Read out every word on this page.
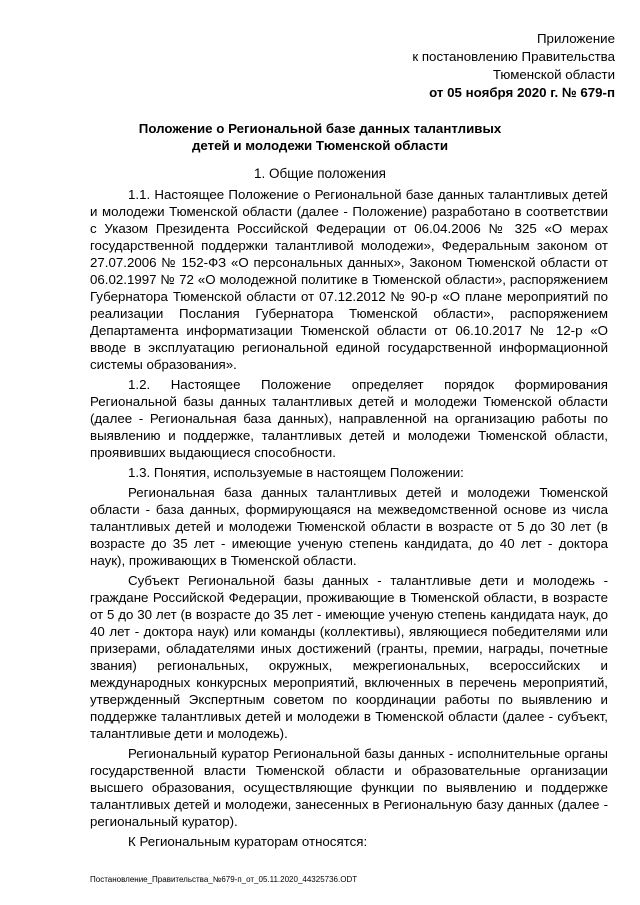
Приложение
к постановлению Правительства
Тюменской области
от 05 ноября 2020 г. № 679-п
Положение о Региональной базе данных талантливых
детей и молодежи Тюменской области
1. Общие положения

1.1. Настоящее Положение о Региональной базе данных талантливых детей и молодежи Тюменской области (далее - Положение) разработано в соответствии с Указом Президента Российской Федерации от 06.04.2006 № 325 «О мерах государственной поддержки талантливой молодежи», Федеральным законом от 27.07.2006 № 152-ФЗ «О персональных данных», Законом Тюменской области от 06.02.1997 № 72 «О молодежной политике в Тюменской области», распоряжением Губернатора Тюменской области от 07.12.2012 № 90-р «О плане мероприятий по реализации Послания Губернатора Тюменской области», распоряжением Департамента информатизации Тюменской области от 06.10.2017 № 12-р «О вводе в эксплуатацию региональной единой государственной информационной системы образования».

1.2. Настоящее Положение определяет порядок формирования Региональной базы данных талантливых детей и молодежи Тюменской области (далее - Региональная база данных), направленной на организацию работы по выявлению и поддержке, талантливых детей и молодежи Тюменской области, проявивших выдающиеся способности.

1.3. Понятия, используемые в настоящем Положении:

Региональная база данных талантливых детей и молодежи Тюменской области - база данных, формирующаяся на межведомственной основе из числа талантливых детей и молодежи Тюменской области в возрасте от 5 до 30 лет (в возрасте до 35 лет - имеющие ученую степень кандидата, до 40 лет - доктора наук), проживающих в Тюменской области.

Субъект Региональной базы данных - талантливые дети и молодежь - граждане Российской Федерации, проживающие в Тюменской области, в возрасте от 5 до 30 лет (в возрасте до 35 лет - имеющие ученую степень кандидата наук, до 40 лет - доктора наук) или команды (коллективы), являющиеся победителями или призерами, обладателями иных достижений (гранты, премии, награды, почетные звания) региональных, окружных, межрегиональных, всероссийских и международных конкурсных мероприятий, включенных в перечень мероприятий, утвержденный Экспертным советом по координации работы по выявлению и поддержке талантливых детей и молодежи в Тюменской области (далее - субъект, талантливые дети и молодежь).

Региональный куратор Региональной базы данных - исполнительные органы государственной власти Тюменской области и образовательные организации высшего образования, осуществляющие функции по выявлению и поддержке талантливых детей и молодежи, занесенных в Региональную базу данных (далее - региональный куратор).

К Региональным кураторам относятся:

Постановление_Правительства_№679-п_от_05.11.2020_44325736.ODT
